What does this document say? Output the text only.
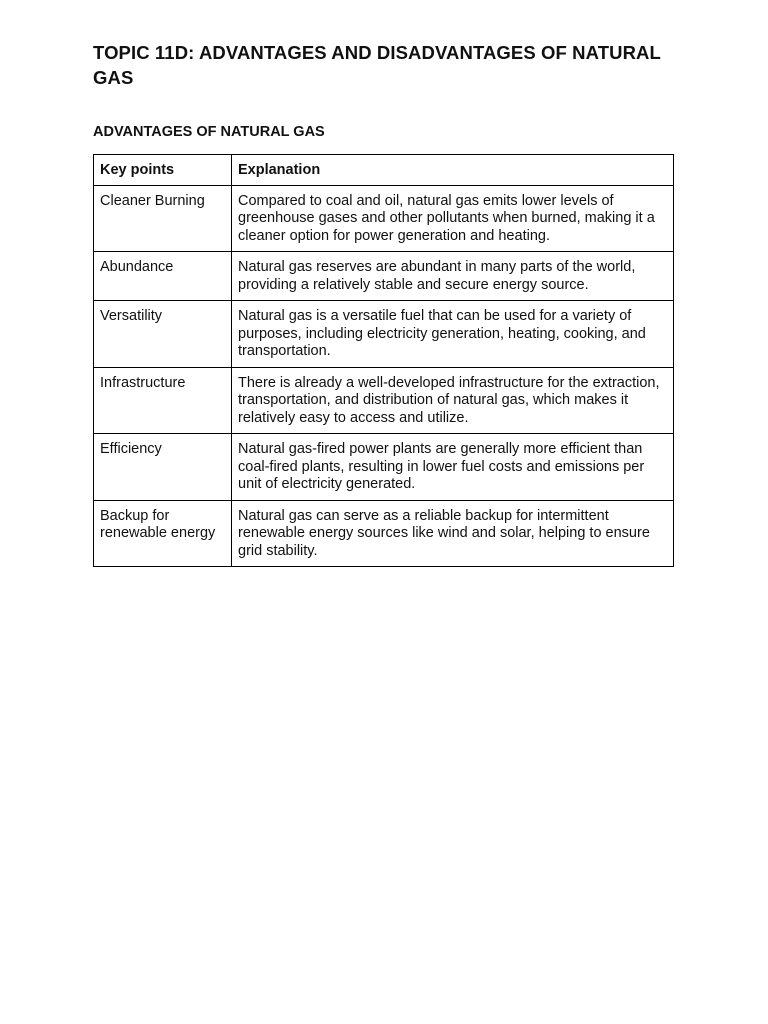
TOPIC 11D: ADVANTAGES AND DISADVANTAGES OF NATURAL GAS
ADVANTAGES OF NATURAL GAS
Key points	Explanation
Cleaner Burning	Compared to coal and oil, natural gas emits lower levels of greenhouse gases and other pollutants when burned, making it a cleaner option for power generation and heating.
Abundance	Natural gas reserves are abundant in many parts of the world, providing a relatively stable and secure energy source.
Versatility	Natural gas is a versatile fuel that can be used for a variety of purposes, including electricity generation, heating, cooking, and transportation.
Infrastructure	There is already a well-developed infrastructure for the extraction, transportation, and distribution of natural gas, which makes it relatively easy to access and utilize.
Efficiency	Natural gas-fired power plants are generally more efficient than coal-fired plants, resulting in lower fuel costs and emissions per unit of electricity generated.
Backup for renewable energy	Natural gas can serve as a reliable backup for intermittent renewable energy sources like wind and solar, helping to ensure grid stability.
